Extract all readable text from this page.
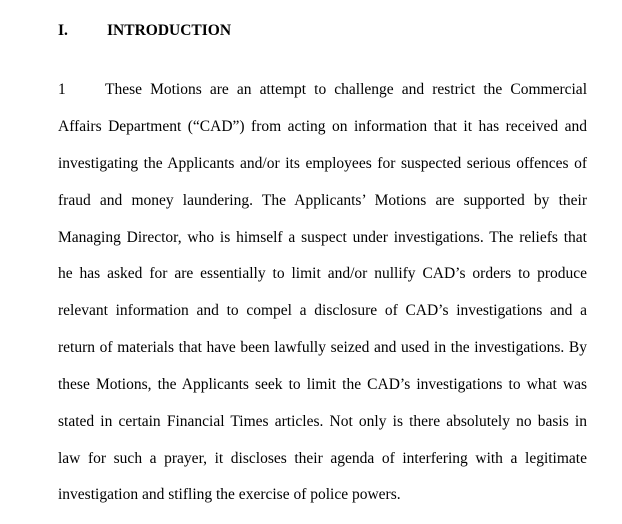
I.	INTRODUCTION
1	These Motions are an attempt to challenge and restrict the Commercial
Affairs Department (“CAD”) from acting on information that it has received and
investigating the Applicants and/or its employees for suspected serious offences of
fraud and money laundering. The Applicants’ Motions are supported by their
Managing Director, who is himself a suspect under investigations. The reliefs that
he has asked for are essentially to limit and/or nullify CAD’s orders to produce
relevant information and to compel a disclosure of CAD’s investigations and a
return of materials that have been lawfully seized and used in the investigations. By
these Motions, the Applicants seek to limit the CAD’s investigations to what was
stated in certain Financial Times articles. Not only is there absolutely no basis in
law for such a prayer, it discloses their agenda of interfering with a legitimate
investigation and stifling the exercise of police powers.
